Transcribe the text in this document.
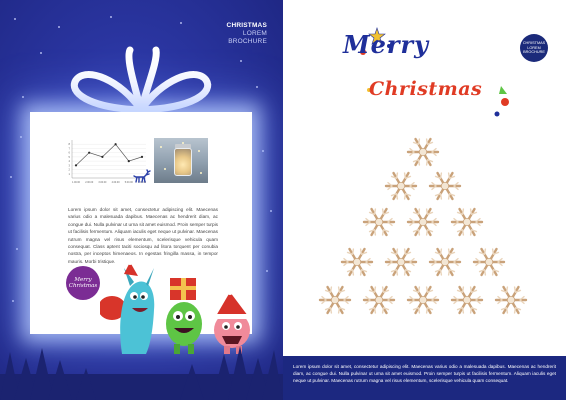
CHRISTMAS
LOREM
BROCHURE
1
2
3
4
5
6
7
8
1.00.00 2.00.00 3.00.00 4.00.00 5.00.00 6.00.00

Lorem ipsum dolor sit amet, consectetur adipiscing elit. Maecenas varius odio a malesuada dapibus. Maecenas ac hendrerit diam, ac congue dui. Nulla pulvinar ut urna sit amet euismod. Proin semper turpis ut facilisis fermentum. Aliquam iaculis eget neque ut pulvinar. Maecenas rutrum magna vel risus elementum, scelerisque vehicula quam consequat. Class aptent taciti sociosqu ad litora torquent per conubia nostra, per inceptos himenaeos. In egestas fringilla massa, in tempor mauris. Morbi tristique.

Merry Christmas
Merry
Christmas
CHRISTMAS
LOREM
BROCHURE

Lorem ipsum dolor sit amet, consectetur adipiscing elit. Maecenas varius odio a malesuada dapibus. Maecenas ac hendrerit diam, ac congue dui. Nulla pulvinar ut urna sit amet euismod. Proin semper turpis ut facilisis fermentum. Aliquam iaculis eget neque ut pulvinar. Maecenas rutrum magna vel risus elementum, scelerisque vehicula quam consequat.
